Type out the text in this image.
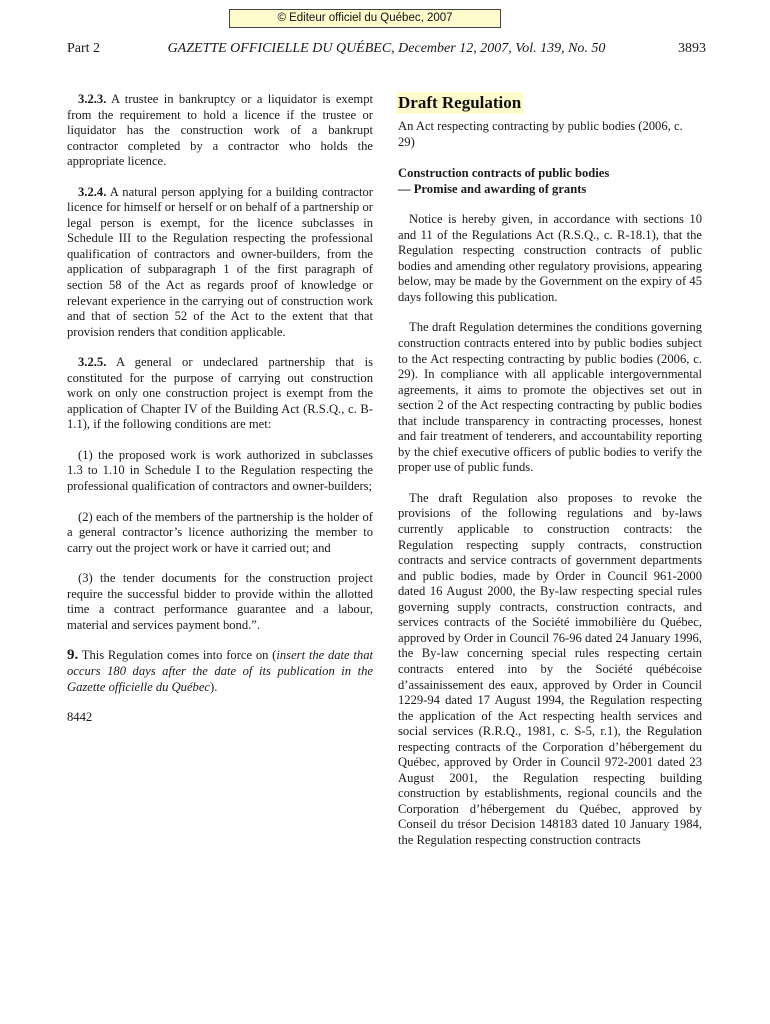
© Editeur officiel du Québec, 2007
Part 2	GAZETTE OFFICIELLE DU QUÉBEC, December 12, 2007, Vol. 139, No. 50	3893

3.2.3. A trustee in bankruptcy or a liquidator is exempt from the requirement to hold a licence if the trustee or liquidator has the construction work of a bankrupt contractor completed by a contractor who holds the appropriate licence.

3.2.4. A natural person applying for a building contractor licence for himself or herself or on behalf of a partnership or legal person is exempt, for the licence subclasses in Schedule III to the Regulation respecting the professional qualification of contractors and owner-builders, from the application of subparagraph 1 of the first paragraph of section 58 of the Act as regards proof of knowledge or relevant experience in the carrying out of construction work and that of section 52 of the Act to the extent that that provision renders that condition applicable.

3.2.5. A general or undeclared partnership that is constituted for the purpose of carrying out construction work on only one construction project is exempt from the application of Chapter IV of the Building Act (R.S.Q., c. B-1.1), if the following conditions are met:

(1) the proposed work is work authorized in subclasses 1.3 to 1.10 in Schedule I to the Regulation respecting the professional qualification of contractors and owner-builders;

(2) each of the members of the partnership is the holder of a general contractor’s licence authorizing the member to carry out the project work or have it carried out; and

(3) the tender documents for the construction project require the successful bidder to provide within the allotted time a contract performance guarantee and a labour, material and services payment bond.”.

9. This Regulation comes into force on (insert the date that occurs 180 days after the date of its publication in the Gazette officielle du Québec).

8442

Draft Regulation

An Act respecting contracting by public bodies (2006, c. 29)

Construction contracts of public bodies
— Promise and awarding of grants

Notice is hereby given, in accordance with sections 10 and 11 of the Regulations Act (R.S.Q., c. R-18.1), that the Regulation respecting construction contracts of public bodies and amending other regulatory provisions, appearing below, may be made by the Government on the expiry of 45 days following this publication.

The draft Regulation determines the conditions governing construction contracts entered into by public bodies subject to the Act respecting contracting by public bodies (2006, c. 29). In compliance with all applicable intergovernmental agreements, it aims to promote the objectives set out in section 2 of the Act respecting contracting by public bodies that include transparency in contracting processes, honest and fair treatment of tenderers, and accountability reporting by the chief executive officers of public bodies to verify the proper use of public funds.

The draft Regulation also proposes to revoke the provisions of the following regulations and by-laws currently applicable to construction contracts: the Regulation respecting supply contracts, construction contracts and service contracts of government departments and public bodies, made by Order in Council 961-2000 dated 16 August 2000, the By-law respecting special rules governing supply contracts, construction contracts, and services contracts of the Société immobilière du Québec, approved by Order in Council 76-96 dated 24 January 1996, the By-law concerning special rules respecting certain contracts entered into by the Société québécoise d’assainissement des eaux, approved by Order in Council 1229-94 dated 17 August 1994, the Regulation respecting the application of the Act respecting health services and social services (R.R.Q., 1981, c. S-5, r.1), the Regulation respecting contracts of the Corporation d’hébergement du Québec, approved by Order in Council 972-2001 dated 23 August 2001, the Regulation respecting building construction by establishments, regional councils and the Corporation d’hébergement du Québec, approved by Conseil du trésor Decision 148183 dated 10 January 1984, the Regulation respecting construction contracts
